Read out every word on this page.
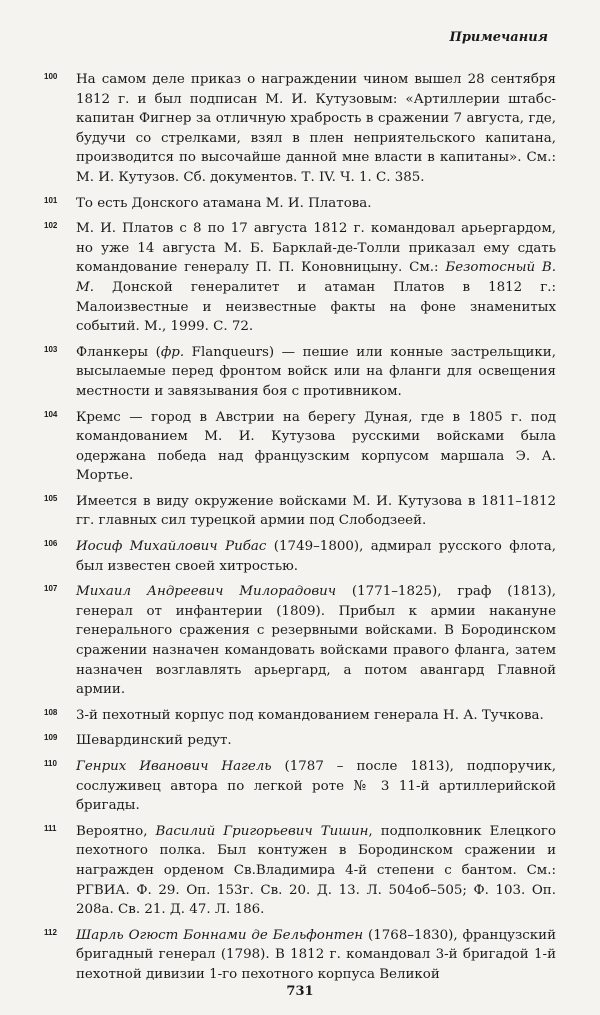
Примечания
100 На самом деле приказ о награждении чином вышел 28 сентября 1812 г. и был подписан М. И. Кутузовым: «Артиллерии штабс-капитан Фигнер за отличную храбрость в сражении 7 августа, где, будучи со стрелками, взял в плен неприятельского капитана, производится по высочайше данной мне власти в капитаны». См.: М. И. Кутузов. Сб. документов. Т. IV. Ч. 1. С. 385.
101 То есть Донского атамана М. И. Платова.
102 М. И. Платов с 8 по 17 августа 1812 г. командовал арьергардом, но уже 14 августа М. Б. Барклай-де-Толли приказал ему сдать командование генералу П. П. Коновницыну. См.: Безотосный В. М. Донской генералитет и атаман Платов в 1812 г.: Малоизвестные и неизвестные факты на фоне знаменитых событий. М., 1999. С. 72.
103 Фланкеры (фр. Flanqueurs) — пешие или конные застрельщики, высылаемые перед фронтом войск или на фланги для освещения местности и завязывания боя с противником.
104 Кремс — город в Австрии на берегу Дуная, где в 1805 г. под командованием М. И. Кутузова русскими войсками была одержана победа над французским корпусом маршала Э. А. Мортье.
105 Имеется в виду окружение войсками М. И. Кутузова в 1811–1812 гг. главных сил турецкой армии под Слободзеей.
106 Иосиф Михайлович Рибас (1749–1800), адмирал русского флота, был известен своей хитростью.
107 Михаил Андреевич Милорадович (1771–1825), граф (1813), генерал от инфантерии (1809). Прибыл к армии накануне генерального сражения с резервными войсками. В Бородинском сражении назначен командовать войсками правого фланга, затем назначен возглавлять арьергард, а потом авангард Главной армии.
108 3-й пехотный корпус под командованием генерала Н. А. Тучкова.
109 Шевардинский редут.
110 Генрих Иванович Нагель (1787 – после 1813), подпоручик, сослуживец автора по легкой роте № 3 11-й артиллерийской бригады.
111 Вероятно, Василий Григорьевич Тишин, подполковник Елецкого пехотного полка. Был контужен в Бородинском сражении и награжден орденом Св.Владимира 4-й степени с бантом. См.: РГВИА. Ф. 29. Оп. 153г. Св. 20. Д. 13. Л. 504об–505; Ф. 103. Оп. 208а. Св. 21. Д. 47. Л. 186.
112 Шарль Огюст Боннами де Бельфонтен (1768–1830), французский бригадный генерал (1798). В 1812 г. командовал 3-й бригадой 1-й пехотной дивизии 1-го пехотного корпуса Великой
731
